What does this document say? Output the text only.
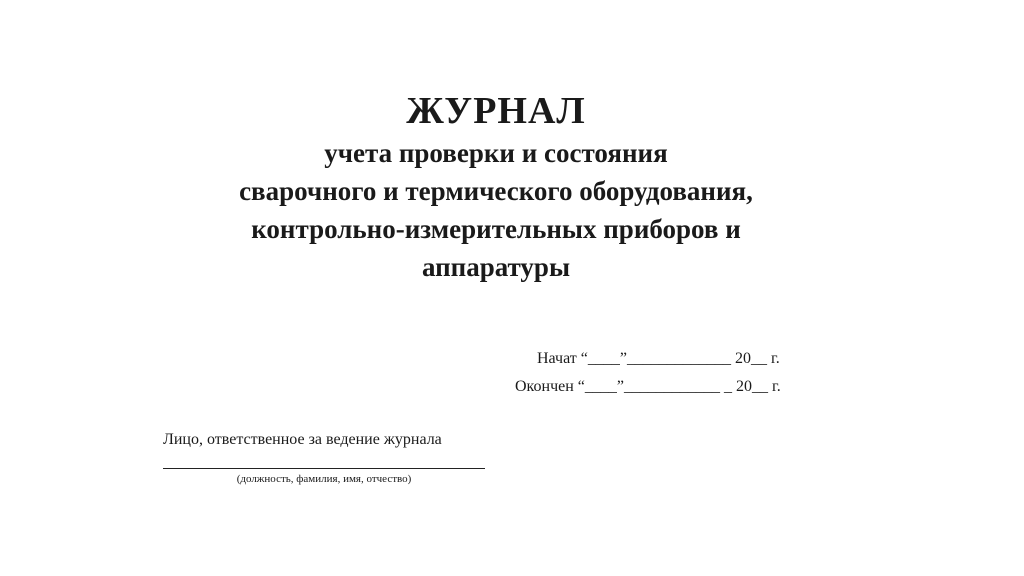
ЖУРНАЛ

учета проверки и состояния

сварочного и термического оборудования,

контрольно-измерительных приборов и

аппаратуры

Начат “____”_____________ 20__ г.
Окончен “____”____________ _ 20__ г.
Лицо, ответственное за ведение журнала
(должность, фамилия, имя, отчество)
